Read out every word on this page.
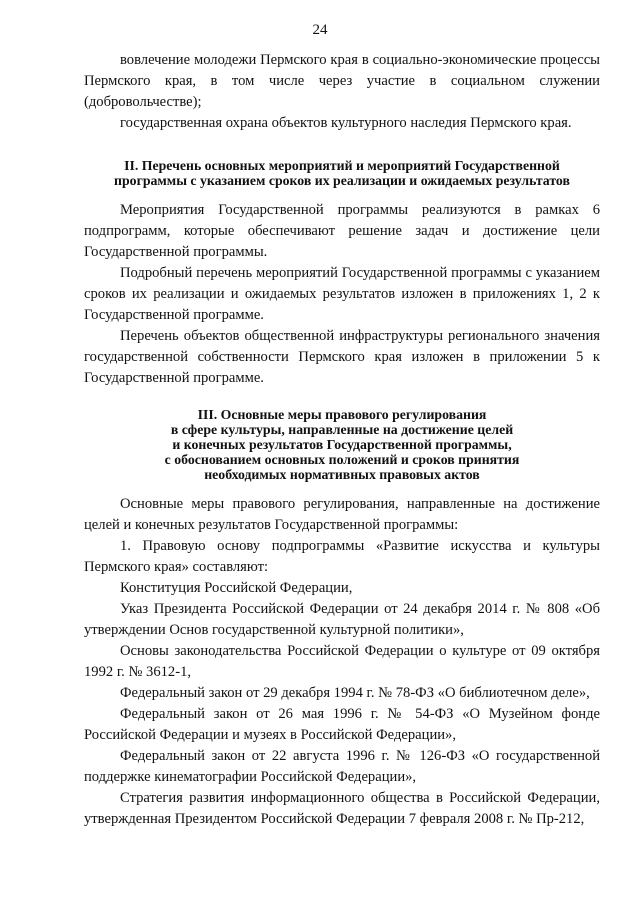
24

вовлечение молодежи Пермского края в социально-экономические процессы Пермского края, в том числе через участие в социальном служении (добровольчестве);

государственная охрана объектов культурного наследия Пермского края.

II. Перечень основных мероприятий и мероприятий Государственной
программы с указанием сроков их реализации и ожидаемых результатов

Мероприятия Государственной программы реализуются в рамках 6 подпрограмм, которые обеспечивают решение задач и достижение цели Государственной программы.

Подробный перечень мероприятий Государственной программы с указанием сроков их реализации и ожидаемых результатов изложен в приложениях 1, 2 к Государственной программе.

Перечень объектов общественной инфраструктуры регионального значения государственной собственности Пермского края изложен в приложении 5 к Государственной программе.

III. Основные меры правового регулирования
в сфере культуры, направленные на достижение целей
и конечных результатов Государственной программы,
с обоснованием основных положений и сроков принятия
необходимых нормативных правовых актов

Основные меры правового регулирования, направленные на достижение целей и конечных результатов Государственной программы:

1. Правовую основу подпрограммы «Развитие искусства и культуры Пермского края» составляют:

Конституция Российской Федерации,

Указ Президента Российской Федерации от 24 декабря 2014 г. № 808 «Об утверждении Основ государственной культурной политики»,

Основы законодательства Российской Федерации о культуре от 09 октября 1992 г. № 3612-1,

Федеральный закон от 29 декабря 1994 г. № 78-ФЗ «О библиотечном деле»,

Федеральный закон от 26 мая 1996 г. № 54-ФЗ «О Музейном фонде Российской Федерации и музеях в Российской Федерации»,

Федеральный закон от 22 августа 1996 г. № 126-ФЗ «О государственной поддержке кинематографии Российской Федерации»,

Стратегия развития информационного общества в Российской Федерации, утвержденная Президентом Российской Федерации 7 февраля 2008 г. № Пр-212,
